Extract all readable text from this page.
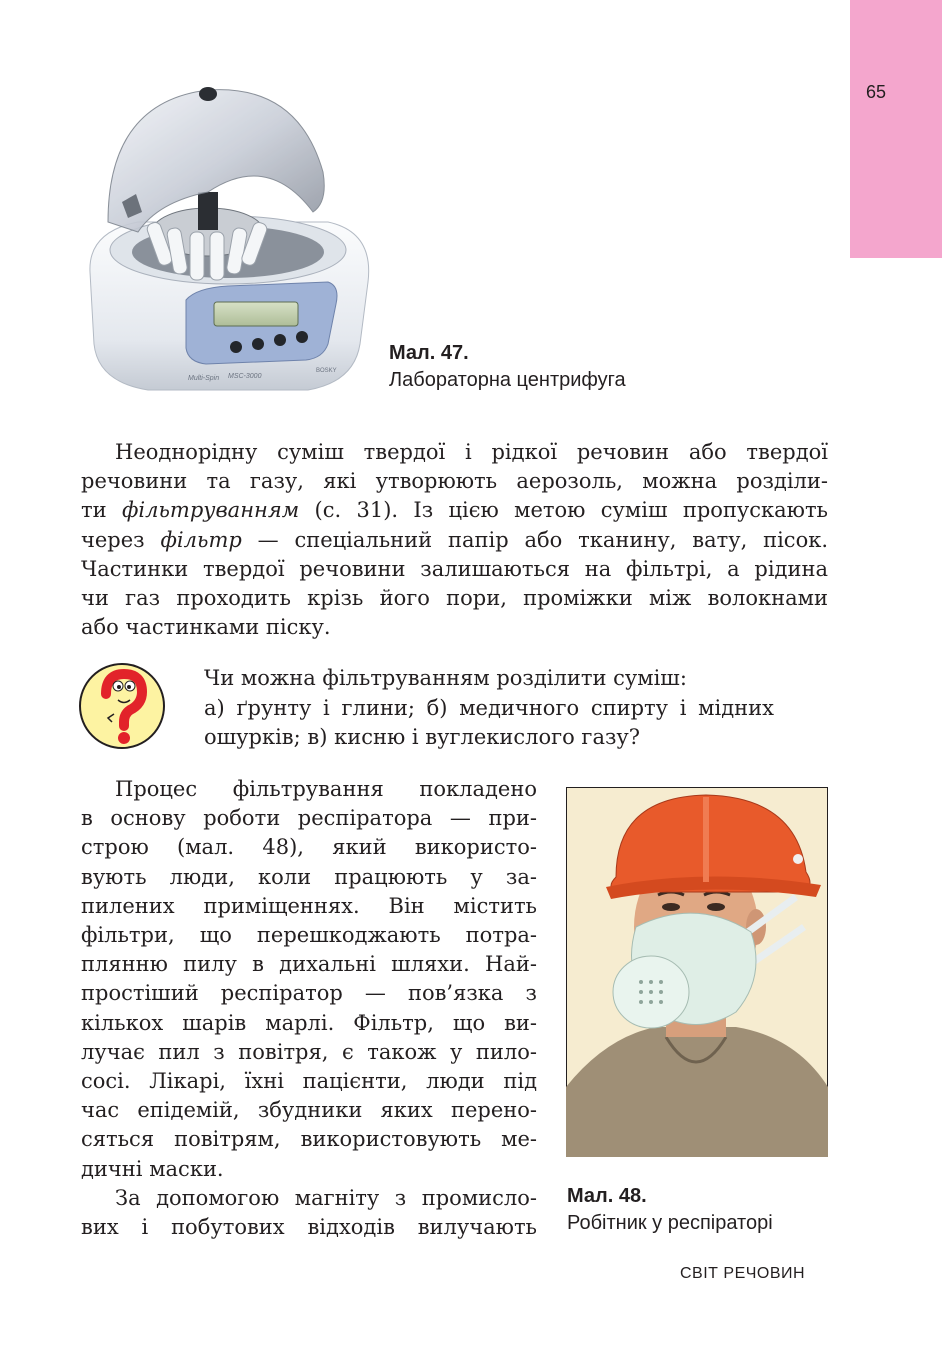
65
Multi-Spin MSC-3000
BOSKY
Мал. 47.
Лабораторна центрифуга
Неоднорідну суміш твердої і рідкої речовин або твердої
речовини та газу, які утворюють аерозоль, можна розділи-
ти фільтруванням (с. 31). Із цією метою суміш пропускають
через фільтр — спеціальний папір або тканину, вату, пісок.
Частинки твердої речовини залишаються на фільтрі, а рідина
чи газ проходить крізь його пори, проміжки між волокнами
або частинками піску.
Чи можна фільтруванням розділити суміш:
а) ґрунту і глини; б) медичного спирту і мідних
ошурків; в) кисню і вуглекислого газу?
Процес фільтрування покладено
в основу роботи респіратора — при-
строю (мал. 48), який використо-
вують люди, коли працюють у за-
пилених приміщеннях. Він містить
фільтри, що перешкоджають потра-
плянню пилу в дихальні шляхи. Най-
простіший респіратор — пов’язка з
кількох шарів марлі. Фільтр, що ви-
лучає пил з повітря, є також у пило-
сосі. Лікарі, їхні пацієнти, люди під
час епідемій, збудники яких перено-
сяться повітрям, використовують ме-
дичні маски.
За допомогою магніту з промисло-
вих і побутових відходів вилучають
Мал. 48.
Робітник у респіраторі
СВІТ РЕЧОВИН
